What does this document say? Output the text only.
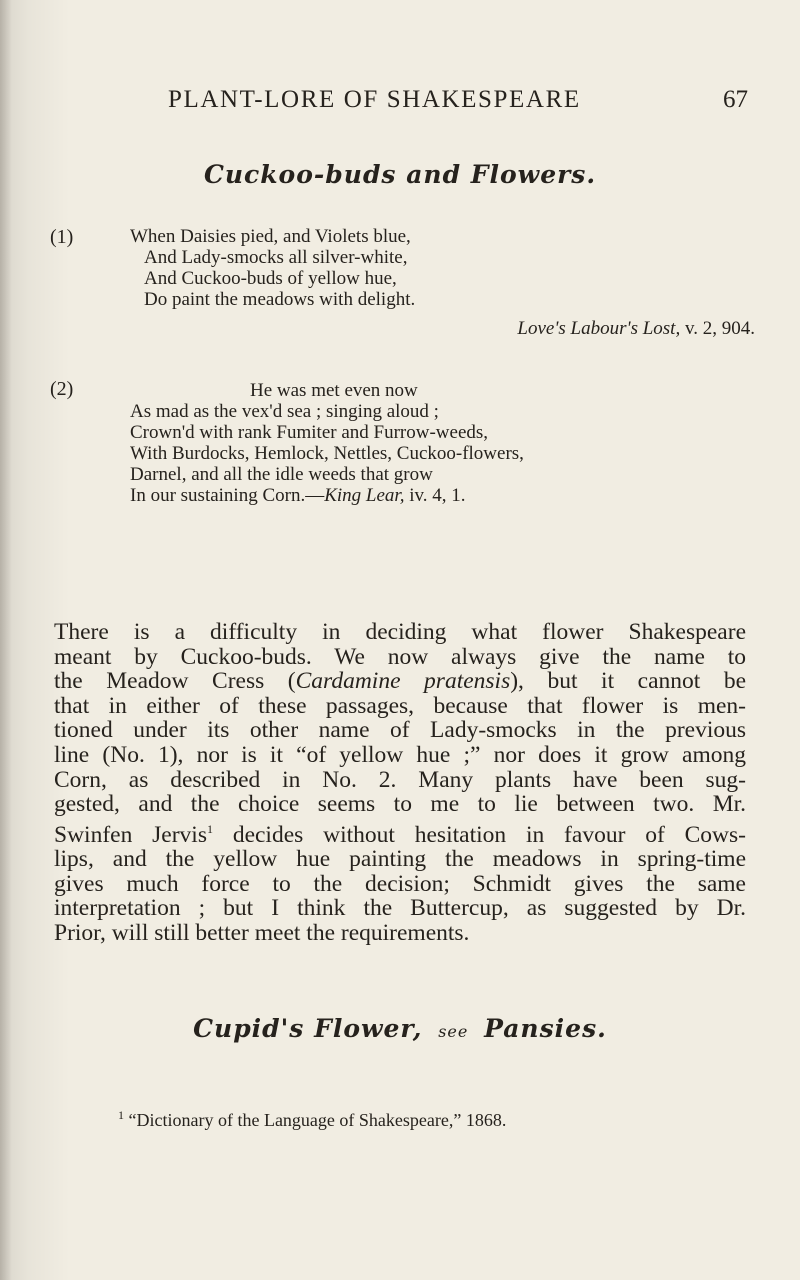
PLANT-LORE OF SHAKESPEARE	67
Cuckoo-buds and Flowers.
(1)	When Daisies pied, and Violets blue,
And Lady-smocks all silver-white,
And Cuckoo-buds of yellow hue,
Do paint the meadows with delight.
Love's Labour's Lost, v. 2, 904.
(2)	He was met even now
As mad as the vex'd sea ; singing aloud ;
Crown'd with rank Fumiter and Furrow-weeds,
With Burdocks, Hemlock, Nettles, Cuckoo-flowers,
Darnel, and all the idle weeds that grow
In our sustaining Corn.—King Lear, iv. 4, 1.
There is a difficulty in deciding what flower Shakespeare
meant by Cuckoo-buds. We now always give the name to
the Meadow Cress (Cardamine pratensis), but it cannot be
that in either of these passages, because that flower is men-
tioned under its other name of Lady-smocks in the previous
line (No. 1), nor is it “of yellow hue ;” nor does it grow among
Corn, as described in No. 2. Many plants have been sug-
gested, and the choice seems to me to lie between two. Mr.
Swinfen Jervis$^1$ decides without hesitation in favour of Cows-
lips, and the yellow hue painting the meadows in spring-time
gives much force to the decision; Schmidt gives the same
interpretation ; but I think the Buttercup, as suggested by Dr.
Prior, will still better meet the requirements.
Cupid's Flower, see Pansies.
$^1$ “Dictionary of the Language of Shakespeare,” 1868.
